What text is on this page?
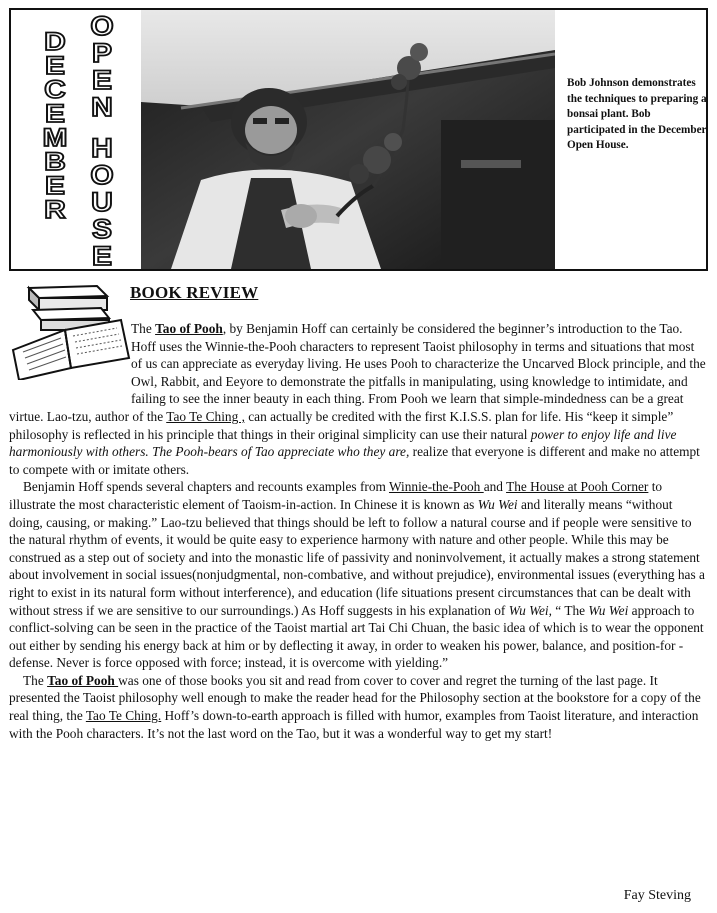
D
E
C
E
M
B
E
R
O
P
E
N
H
O
U
S
E
Bob Johnson demonstrates the techniques to preparing a bonsai plant. Bob participated in the December Open House.
BOOK REVIEW

The Tao of Pooh, by Benjamin Hoff can certainly be considered the beginner’s introduction to the Tao. Hoff uses the Winnie-the-Pooh characters to represent Taoist philosophy in terms and situations that most of us can appreciate as everyday living. He uses Pooh to characterize the Uncarved Block principle, and the Owl, Rabbit, and Eeyore to demonstrate the pitfalls in manipulating, using knowledge to intimidate, and failing to see the inner beauty in each thing. From Pooh we learn that simple-mindedness can be a great virtue. Lao-tzu, author of the Tao Te Ching , can actually be credited with the first K.I.S.S. plan for life. His “keep it simple” philosophy is reflected in his principle that things in their original simplicity can use their natural power to enjoy life and live harmoniously with others. The Pooh-bears of Tao appreciate who they are, realize that everyone is different and make no attempt to compete with or imitate others.

Benjamin Hoff spends several chapters and recounts examples from Winnie-the-Pooh and The House at Pooh Corner to illustrate the most characteristic element of Taoism-in-action. In Chinese it is known as Wu Wei and literally means “without doing, causing, or making.” Lao-tzu believed that things should be left to follow a natural course and if people were sensitive to the natural rhythm of events, it would be quite easy to experience harmony with nature and other people. While this may be construed as a step out of society and into the monastic life of passivity and noninvolvement, it actually makes a strong statement about involvement in social issues(nonjudgmental, non-combative, and without prejudice), environmental issues (everything has a right to exist in its natural form without interference), and education (life situations present circumstances that can be dealt with without stress if we are sensitive to our surroundings.) As Hoff suggests in his explanation of Wu Wei, “ The Wu Wei approach to conflict-solving can be seen in the practice of the Taoist martial art Tai Chi Chuan, the basic idea of which is to wear the opponent out either by sending his energy back at him or by deflecting it away, in order to weaken his power, balance, and position-for -defense. Never is force opposed with force; instead, it is overcome with yielding.”

The Tao of Pooh was one of those books you sit and read from cover to cover and regret the turning of the last page. It presented the Taoist philosophy well enough to make the reader head for the Philosophy section at the bookstore for a copy of the real thing, the Tao Te Ching. Hoff’s down-to-earth approach is filled with humor, examples from Taoist literature, and interaction with the Pooh characters. It’s not the last word on the Tao, but it was a wonderful way to get my start!

Fay Steving
